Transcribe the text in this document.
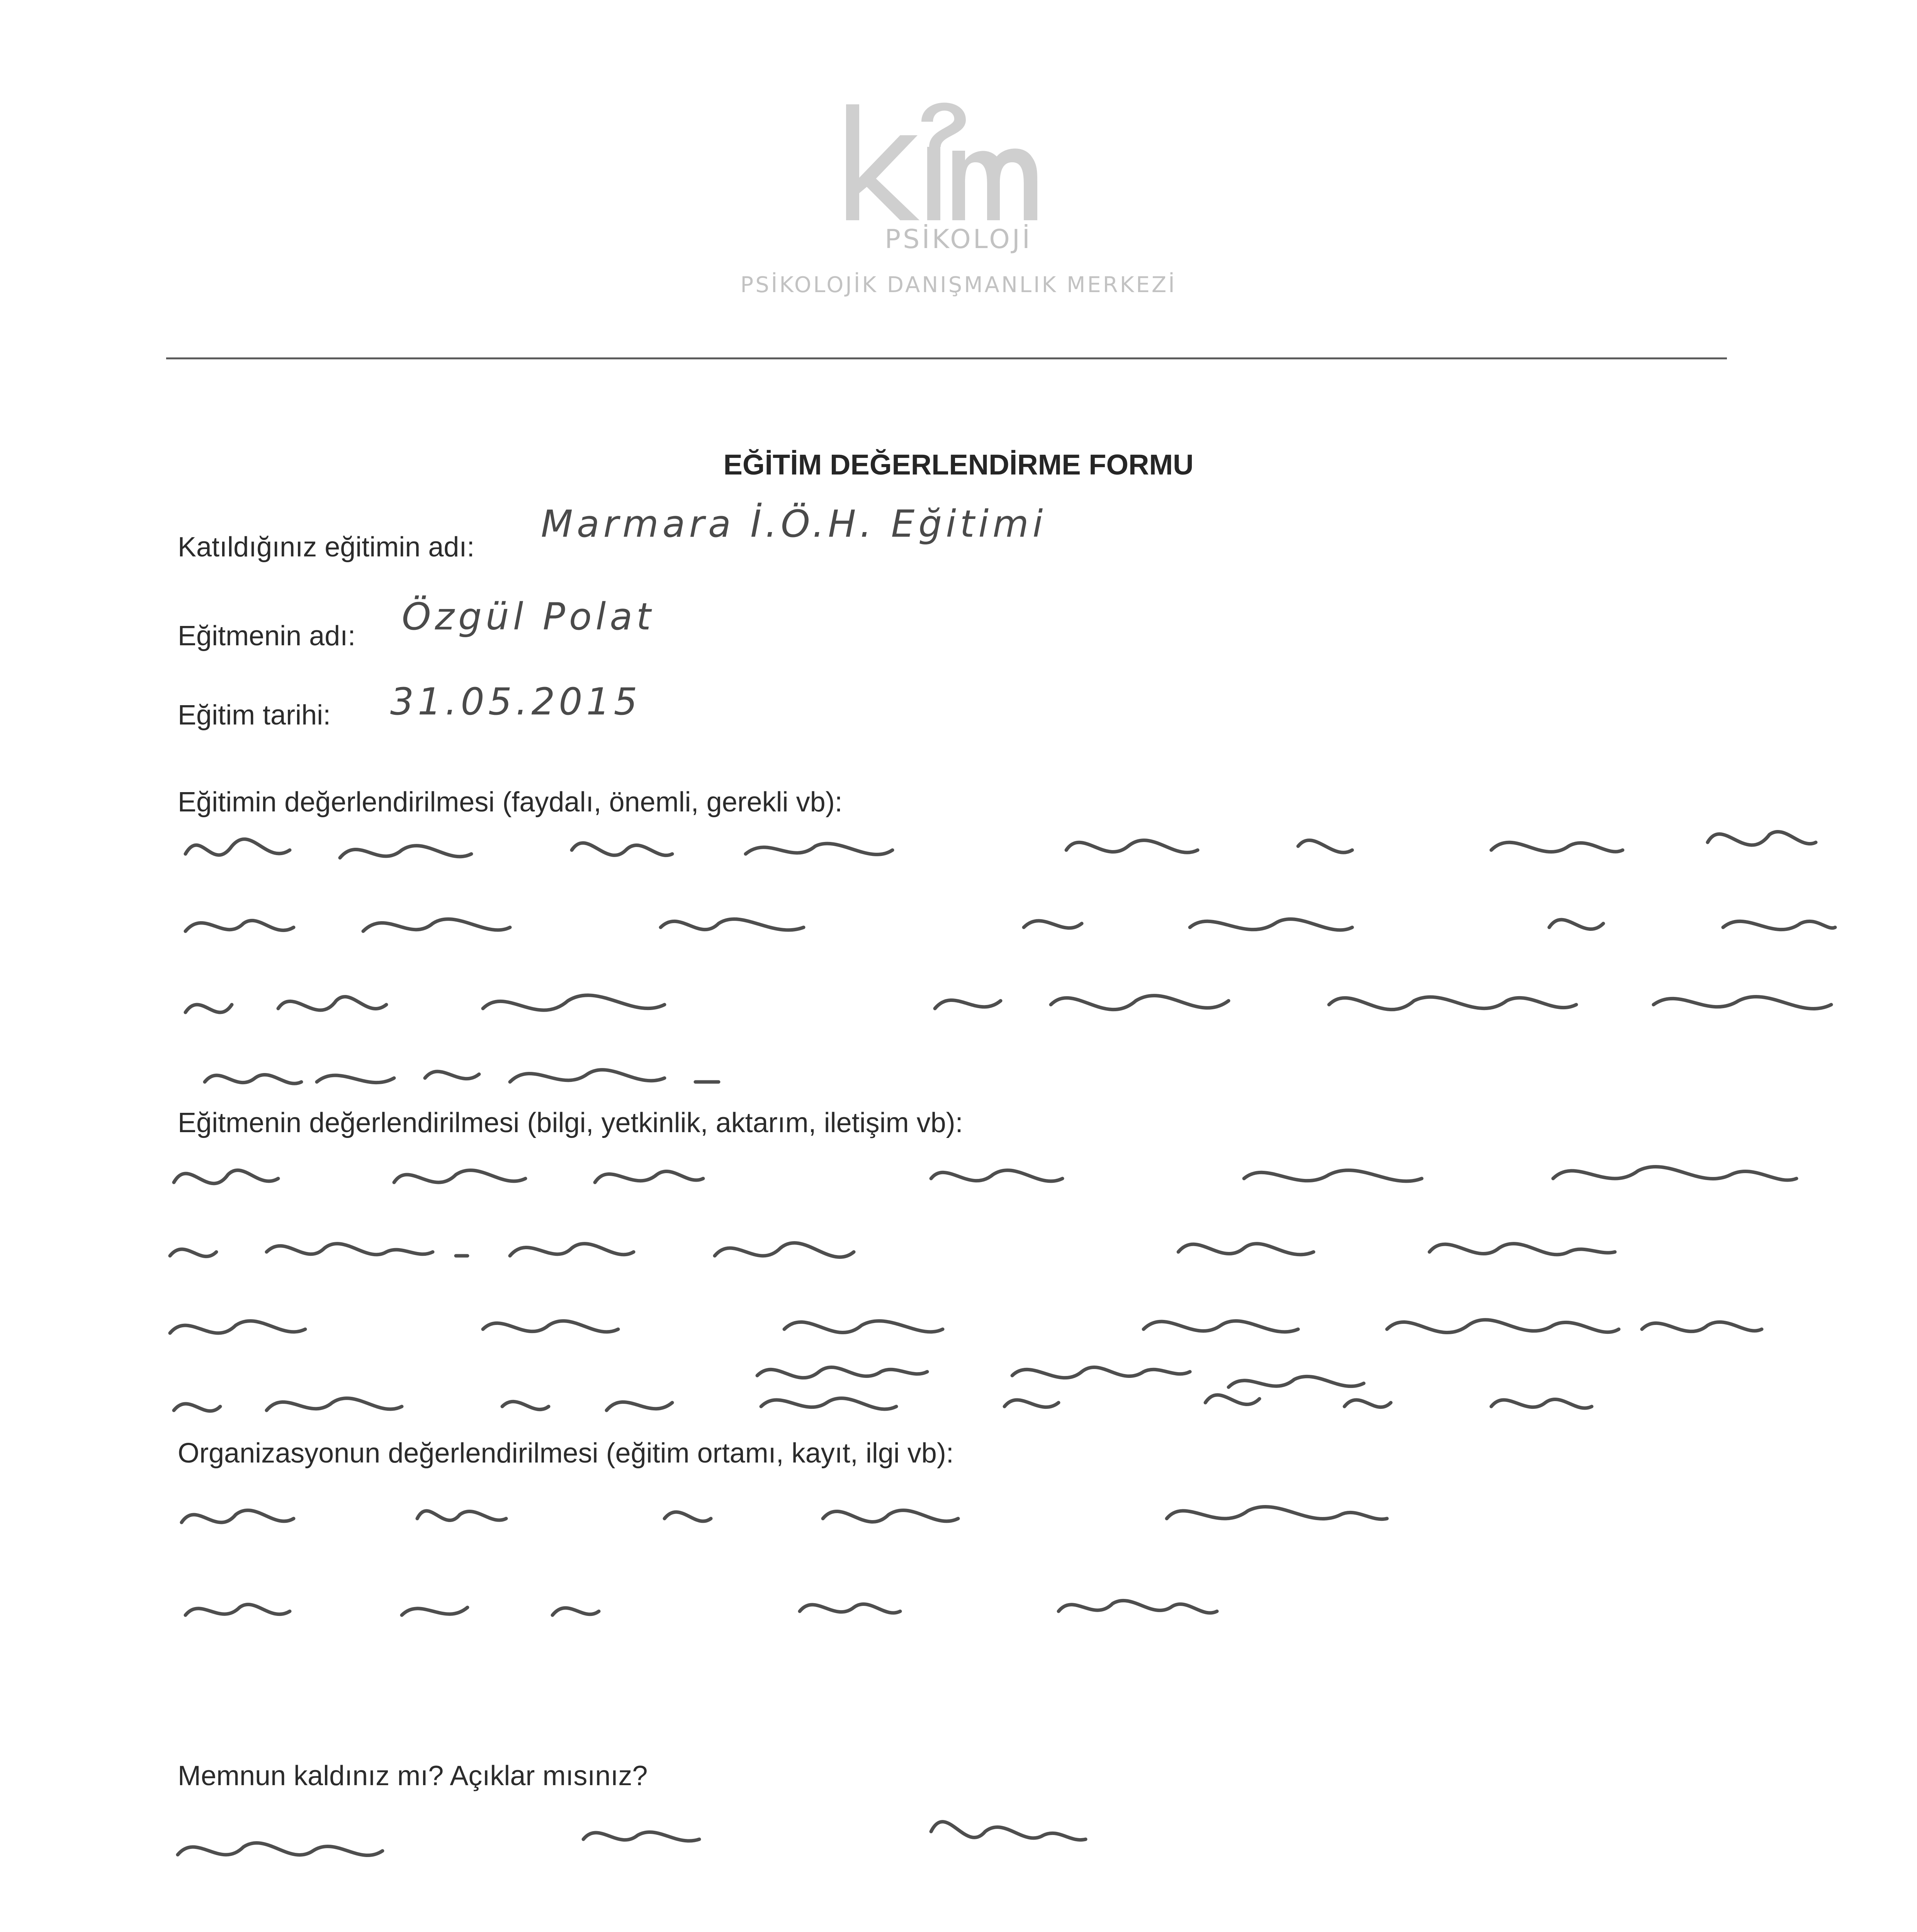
PSİKOLOJİ
PSİKOLOJİK DANIŞMANLIK MERKEZİ
EĞİTİM DEĞERLENDİRME FORMU
Katıldığınız eğitimin adı:
Marmara İ.Ö.H. Eğitimi
Eğitmenin adı: Özgül Polat
Eğitim tarihi: 31.05.2015
Eğitimin değerlendirilmesi (faydalı, önemli, gerekli vb):
Eğitmenin değerlendirilmesi (bilgi, yetkinlik, aktarım, iletişim vb):
Organizasyonun değerlendirilmesi (eğitim ortamı, kayıt, ilgi vb):
Memnun kaldınız mı? Açıklar mısınız?
